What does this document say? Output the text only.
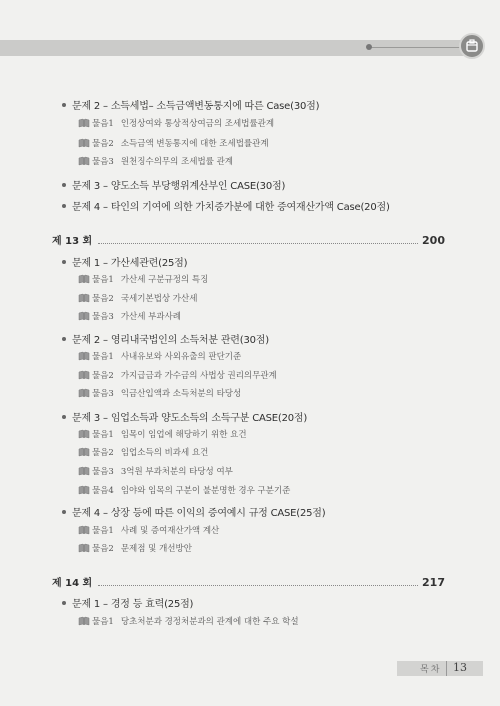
문제 2 – 소득세법– 소득금액변동통지에 따른 Case(30점)
물음1 인정상여와 통상적상여금의 조세법률관계
물음2 소득금액 변동통지에 대한 조세법률관계
물음3 원천징수의무의 조세법률 관계
문제 3 – 양도소득 부당행위계산부인 CASE(30점)
문제 4 – 타인의 기여에 의한 가치증가분에 대한 증여재산가액 Case(20점)
제 13 회	200
문제 1 – 가산세관련(25점)
물음1 가산세 구분규정의 특징
물음2 국세기본법상 가산세
물음3 가산세 부과사례
문제 2 – 영리내국법인의 소득처분 관련(30점)
물음1 사내유보와 사외유출의 판단기준
물음2 가지급금과 가수금의 사법상 권리의무관계
물음3 익금산입액과 소득처분의 타당성
문제 3 – 임업소득과 양도소득의 소득구분 CASE(20점)
물음1 임목이 임업에 해당하기 위한 요건
물음2 임업소득의 비과세 요건
물음3 3억원 부과처분의 타당성 여부
물음4 임야와 임목의 구분이 불분명한 경우 구분기준
문제 4 – 상장 등에 따른 이익의 증여예시 규정 CASE(25점)
물음1 사례 및 증여재산가액 계산
물음2 문제점 및 개선방안
제 14 회	217
문제 1 – 경정 등 효력(25점)
물음1 당초처분과 경정처분과의 관계에 대한 주요 학설
목차 13
